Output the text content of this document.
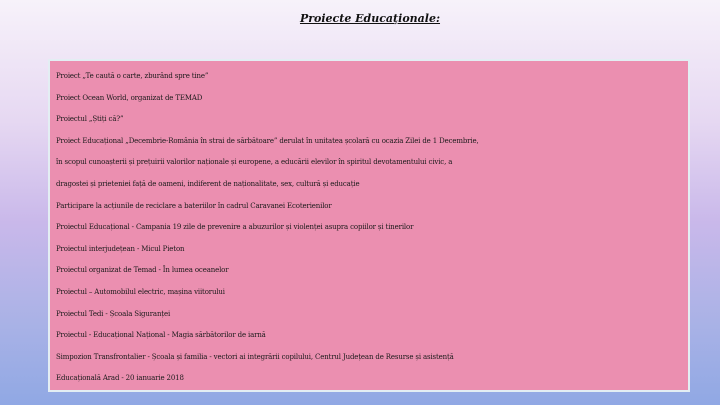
Proiecte Educaționale:
Proiect „Te caută o carte, zburând spre tine”
Proiect Ocean World, organizat de TEMAD
Proiectul „Știți că?”
Proiect Educațional „Decembrie-România în strai de sărbătoare” derulat în unitatea școlară cu ocazia Zilei de 1 Decembrie,
în scopul cunoașterii și prețuirii valorilor naționale și europene, a educării elevilor în spiritul devotamentului civic, a
dragostei și prieteniei față de oameni, indiferent de naționalitate, sex, cultură și educație
Participare la acțiunile de reciclare a bateriilor în cadrul Caravanei Ecoterienilor
Proiectul Educațional - Campania 19 zile de prevenire a abuzurilor și violenței asupra copiilor și tinerilor
Proiectul interjudețean - Micul Pieton
Proiectul organizat de Temad - În lumea oceanelor
Proiectul – Automobilul electric, mașina viitorului
Proiectul Tedi - Școala Siguranței
Proiectul - Educațional Național - Magia sărbătorilor de iarnă
Simpozion Transfrontalier - Școala și familia - vectori ai integrării copilului, Centrul Județean de Resurse și asistență
Educațională Arad - 20 ianuarie 2018
